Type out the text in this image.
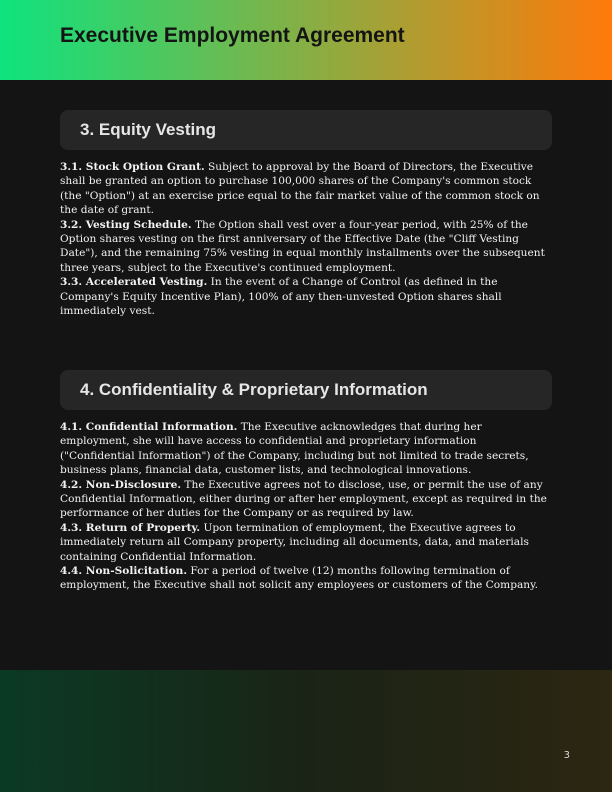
Executive Employment Agreement
3. Equity Vesting

3.1. Stock Option Grant. Subject to approval by the Board of Directors, the Executive shall be granted an option to purchase 100,000 shares of the Company's common stock (the "Option") at an exercise price equal to the fair market value of the common stock on the date of grant.

3.2. Vesting Schedule. The Option shall vest over a four-year period, with 25% of the Option shares vesting on the first anniversary of the Effective Date (the "Cliff Vesting Date"), and the remaining 75% vesting in equal monthly installments over the subsequent three years, subject to the Executive's continued employment.

3.3. Accelerated Vesting. In the event of a Change of Control (as defined in the Company's Equity Incentive Plan), 100% of any then-unvested Option shares shall immediately vest.

4. Confidentiality & Proprietary Information

4.1. Confidential Information. The Executive acknowledges that during her employment, she will have access to confidential and proprietary information ("Confidential Information") of the Company, including but not limited to trade secrets, business plans, financial data, customer lists, and technological innovations.

4.2. Non-Disclosure. The Executive agrees not to disclose, use, or permit the use of any Confidential Information, either during or after her employment, except as required in the performance of her duties for the Company or as required by law.

4.3. Return of Property. Upon termination of employment, the Executive agrees to immediately return all Company property, including all documents, data, and materials containing Confidential Information.

4.4. Non-Solicitation. For a period of twelve (12) months following termination of employment, the Executive shall not solicit any employees or customers of the Company.

3
